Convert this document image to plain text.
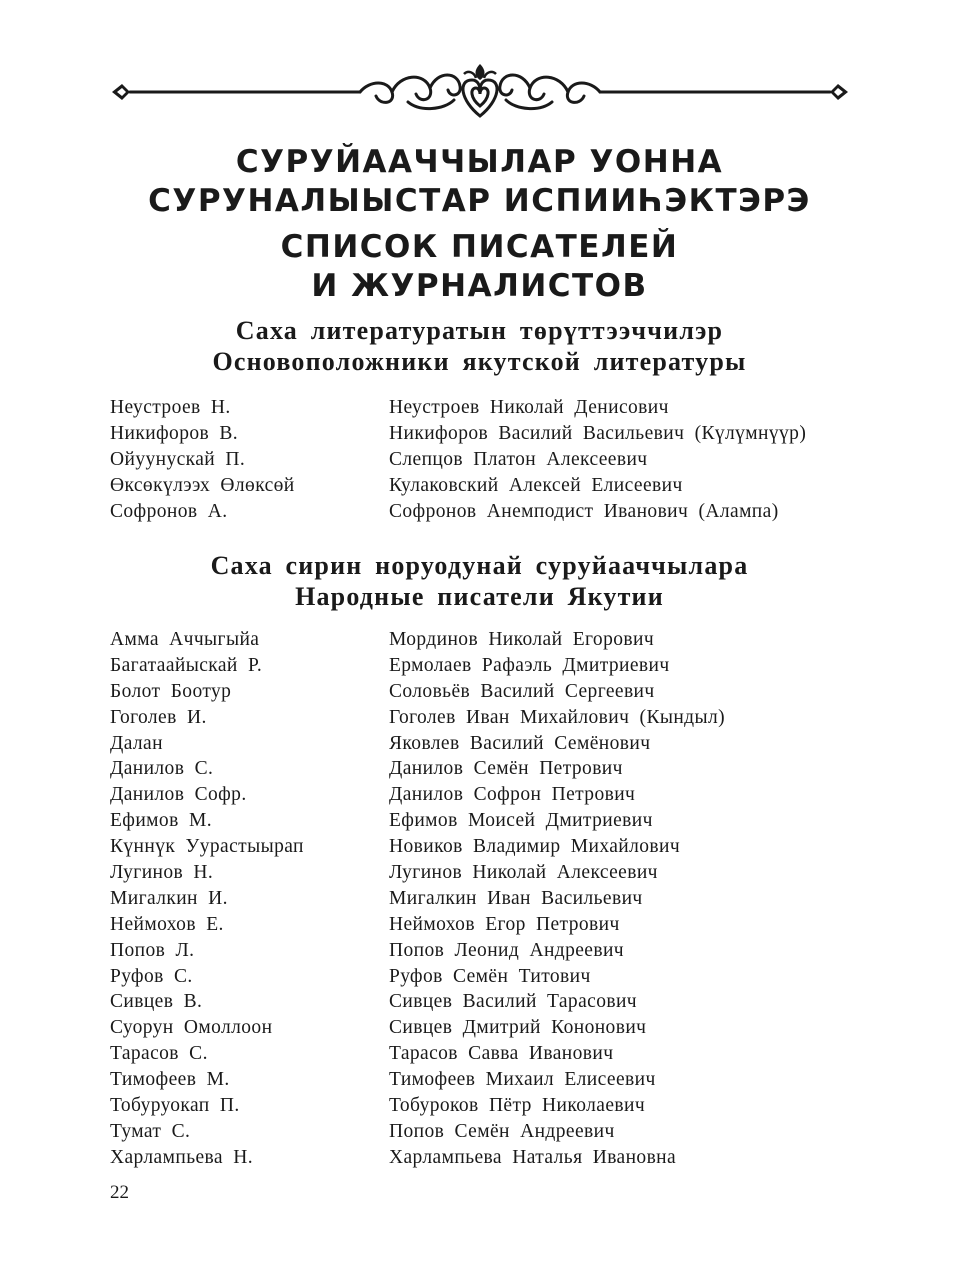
СУРУЙААЧЧЫЛАР УОННА

СУРУНАЛЫЫСТАР ИСПИИҺЭКТЭРЭ

СПИСОК ПИСАТЕЛЕЙ

И ЖУРНАЛИСТОВ

Саха литературатын төрүттээччилэр

Основоположники якутской литературы

Неустроев Н.	Неустроев Николай Денисович
Никифоров В.	Никифоров Василий Васильевич (Күлүмнүүр)
Ойуунускай П.	Слепцов Платон Алексеевич
Өксөкүлээх Өлөксөй	Кулаковский Алексей Елисеевич
Софронов А.	Софронов Анемподист Иванович (Алампа)

Саха сирин норуодунай суруйааччылара

Народные писатели Якутии

Амма Аччыгыйа	Мординов Николай Егорович
Багатаайыскай Р.	Ермолаев Рафаэль Дмитриевич
Болот Боотур	Соловьёв Василий Сергеевич
Гоголев И.	Гоголев Иван Михайлович (Кындыл)
Далан	Яковлев Василий Семёнович
Данилов С.	Данилов Семён Петрович
Данилов Софр.	Данилов Софрон Петрович
Ефимов М.	Ефимов Моисей Дмитриевич
Күннүк Уурастыырап	Новиков Владимир Михайлович
Лугинов Н.	Лугинов Николай Алексеевич
Мигалкин И.	Мигалкин Иван Васильевич
Неймохов Е.	Неймохов Егор Петрович
Попов Л.	Попов Леонид Андреевич
Руфов С.	Руфов Семён Титович
Сивцев В.	Сивцев Василий Тарасович
Суорун Омоллоон	Сивцев Дмитрий Кононович
Тарасов С.	Тарасов Савва Иванович
Тимофеев М.	Тимофеев Михаил Елисеевич
Тобуруокап П.	Тобуроков Пётр Николаевич
Тумат С.	Попов Семён Андреевич
Харлампьева Н.	Харлампьева Наталья Ивановна
22
